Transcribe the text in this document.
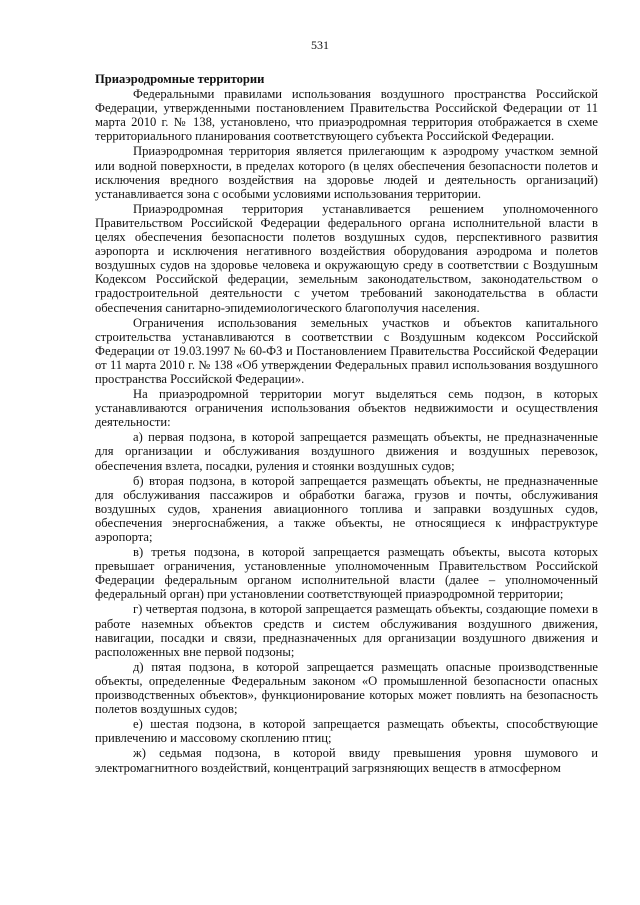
531

Приаэродромные территории

Федеральными правилами использования воздушного пространства Российской Федерации, утвержденными постановлением Правительства Российской Федерации от 11 марта 2010 г. № 138, установлено, что приаэродромная территория отображается в схеме территориального планирования соответствующего субъекта Российской Федерации.

Приаэродромная территория является прилегающим к аэродрому участком земной или водной поверхности, в пределах которого (в целях обеспечения безопасности полетов и исключения вредного воздействия на здоровье людей и деятельность организаций) устанавливается зона с особыми условиями использования территории.

Приаэродромная территория устанавливается решением уполномоченного Правительством Российской Федерации федерального органа исполнительной власти в целях обеспечения безопасности полетов воздушных судов, перспективного развития аэропорта и исключения негативного воздействия оборудования аэродрома и полетов воздушных судов на здоровье человека и окружающую среду в соответствии с Воздушным Кодексом Российской федерации, земельным законодательством, законодательством о градостроительной деятельности с учетом требований законодательства в области обеспечения санитарно-эпидемиологического благополучия населения.

Ограничения использования земельных участков и объектов капитального строительства устанавливаются в соответствии с Воздушным кодексом Российской Федерации от 19.03.1997 № 60-ФЗ и Постановлением Правительства Российской Федерации от 11 марта 2010 г. № 138 «Об утверждении Федеральных правил использования воздушного пространства Российской Федерации».

На приаэродромной территории могут выделяться семь подзон, в которых устанавливаются ограничения использования объектов недвижимости и осуществления деятельности:

а) первая подзона, в которой запрещается размещать объекты, не предназначенные для организации и обслуживания воздушного движения и воздушных перевозок, обеспечения взлета, посадки, руления и стоянки воздушных судов;

б) вторая подзона, в которой запрещается размещать объекты, не предназначенные для обслуживания пассажиров и обработки багажа, грузов и почты, обслуживания воздушных судов, хранения авиационного топлива и заправки воздушных судов, обеспечения энергоснабжения, а также объекты, не относящиеся к инфраструктуре аэропорта;

в) третья подзона, в которой запрещается размещать объекты, высота которых превышает ограничения, установленные уполномоченным Правительством Российской Федерации федеральным органом исполнительной власти (далее – уполномоченный федеральный орган) при установлении соответствующей приаэродромной территории;

г) четвертая подзона, в которой запрещается размещать объекты, создающие помехи в работе наземных объектов средств и систем обслуживания воздушного движения, навигации, посадки и связи, предназначенных для организации воздушного движения и расположенных вне первой подзоны;

д) пятая подзона, в которой запрещается размещать опасные производственные объекты, определенные Федеральным законом «О промышленной безопасности опасных производственных объектов», функционирование которых может повлиять на безопасность полетов воздушных судов;

е) шестая подзона, в которой запрещается размещать объекты, способствующие привлечению и массовому скоплению птиц;

ж) седьмая подзона, в которой ввиду превышения уровня шумового и электромагнитного воздействий, концентраций загрязняющих веществ в атмосферном
